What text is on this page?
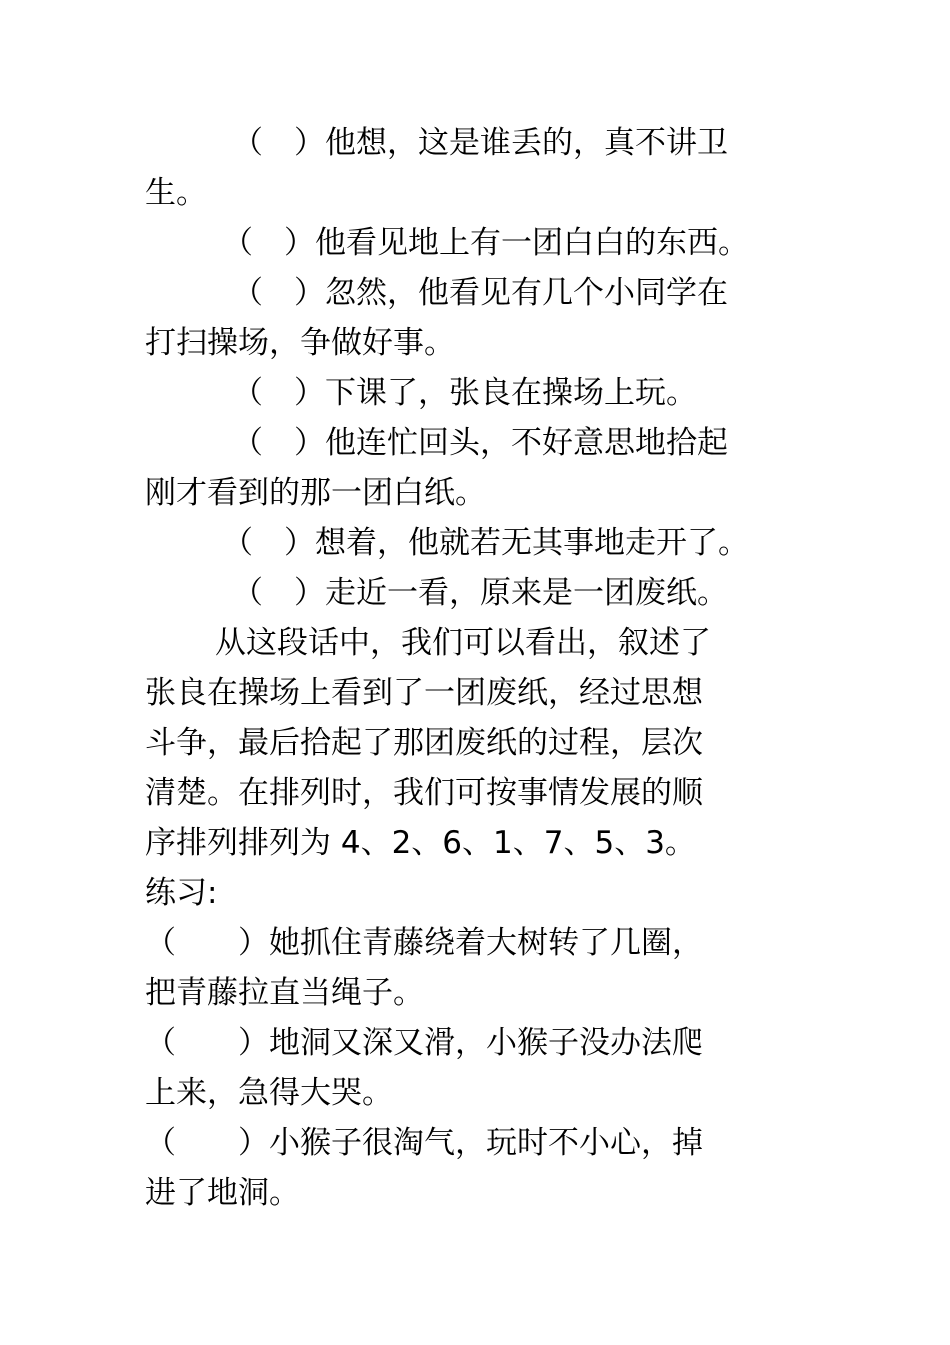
（　）他想，这是谁丢的，真不讲卫

生。

（　）他看见地上有一团白白的东西。

（　）忽然，他看见有几个小同学在

打扫操场，争做好事。

（　）下课了，张良在操场上玩。

（　）他连忙回头，不好意思地拾起

刚才看到的那一团白纸。

（　）想着，他就若无其事地走开了。

（　）走近一看，原来是一团废纸。

从这段话中，我们可以看出，叙述了

张良在操场上看到了一团废纸，经过思想

斗争，最后拾起了那团废纸的过程，层次

清楚。在排列时，我们可按事情发展的顺

序排列排列为 4、2、6、1、7、5、3。

练习:

（　　）她抓住青藤绕着大树转了几圈，

把青藤拉直当绳子。

（　　）地洞又深又滑，小猴子没办法爬

上来，急得大哭。

（　　）小猴子很淘气，玩时不小心，掉

进了地洞。
